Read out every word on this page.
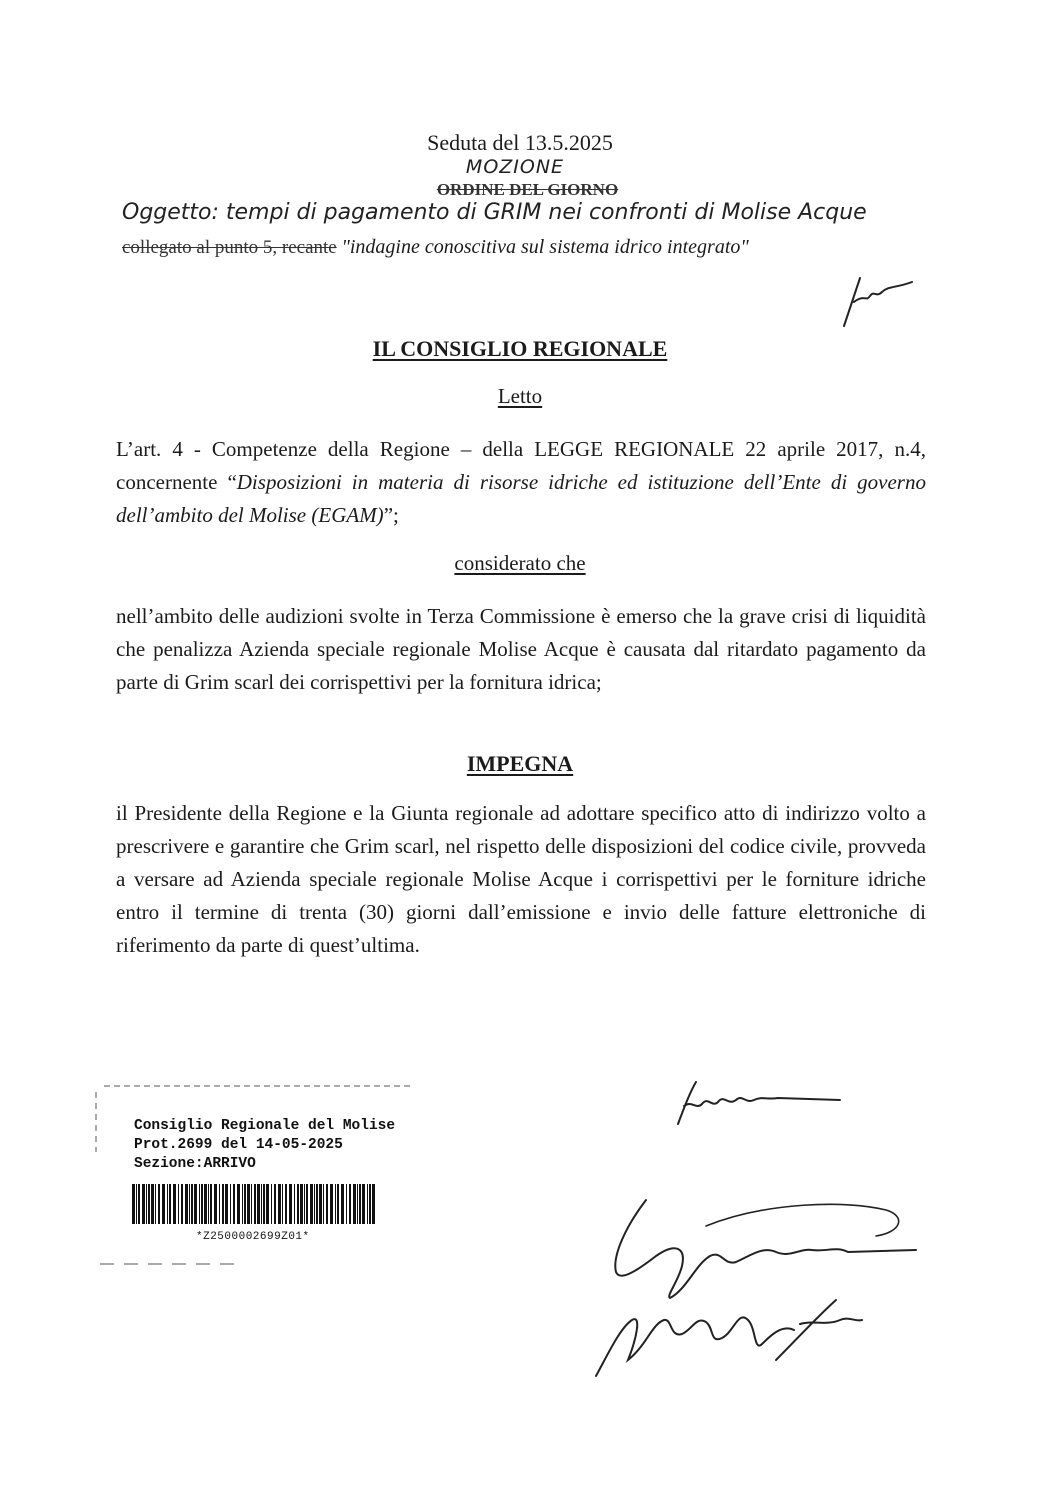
Seduta del 13.5.2025
MOZIONE
ORDINE DEL GIORNO
Oggetto: tempi di pagamento di GRIM nei confronti di Molise Acque
collegato al punto 5, recante "indagine conoscitiva sul sistema idrico integrato"
IL CONSIGLIO REGIONALE
Letto
L’art. 4 - Competenze della Regione – della LEGGE REGIONALE 22 aprile 2017, n.4, concernente “Disposizioni in materia di risorse idriche ed istituzione dell’Ente di governo dell’ambito del Molise (EGAM)”;
considerato che
nell’ambito delle audizioni svolte in Terza Commissione è emerso che la grave crisi di liquidità che penalizza Azienda speciale regionale Molise Acque è causata dal ritardato pagamento da parte di Grim scarl dei corrispettivi per la fornitura idrica;
IMPEGNA
il Presidente della Regione e la Giunta regionale ad adottare specifico atto di indirizzo volto a prescrivere e garantire che Grim scarl, nel rispetto delle disposizioni del codice civile, provveda a versare ad Azienda speciale regionale Molise Acque i corrispettivi per le forniture idriche entro il termine di trenta (30) giorni dall’emissione e invio delle fatture elettroniche di riferimento da parte di quest’ultima.
Consiglio Regionale del Molise
Prot.2699 del 14-05-2025
Sezione:ARRIVO
*Z2500002699Z01*
